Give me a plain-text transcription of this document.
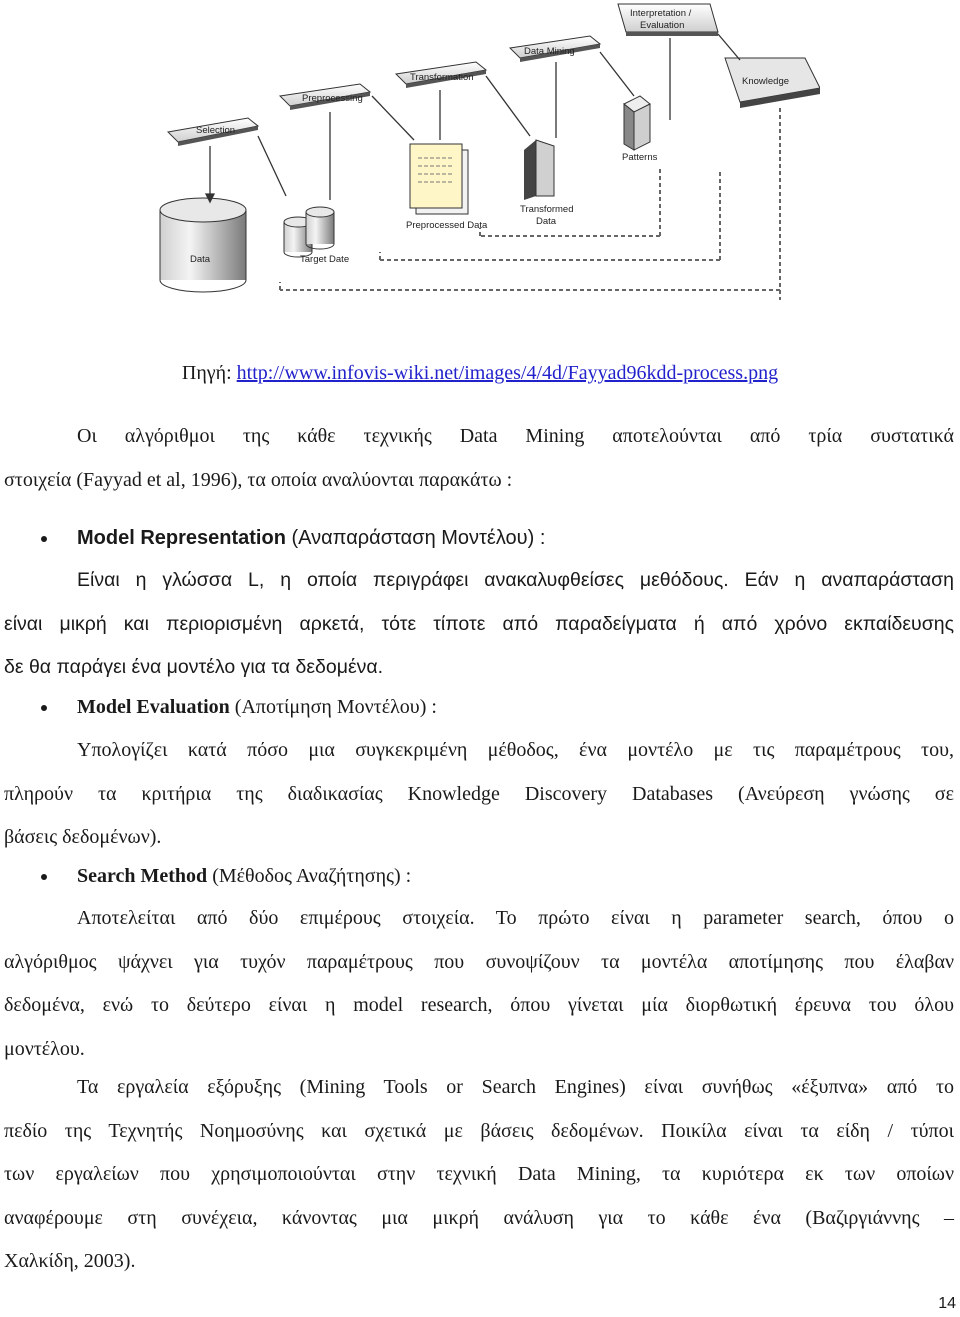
Selection
Preprocessing
Transformation
Data Mining
Interpretation /
Evaluation
Knowledge
Data	Target Date
Preprocessed Data
Transformed
Data
Patterns
Πηγή: http://www.infovis-wiki.net/images/4/4d/Fayyad96kdd-process.png
Οι αλγόριθμοι της κάθε τεχνικής Data Mining αποτελούνται από τρία συστατικά
στοιχεία (Fayyad et al, 1996), τα οποία αναλύονται παρακάτω :
Model Representation (Αναπαράσταση Μοντέλου) :
Είναι η γλώσσα L, η οποία περιγράφει ανακαλυφθείσες μεθόδους. Εάν η αναπαράσταση
είναι μικρή και περιορισμένη αρκετά, τότε τίποτε από παραδείγματα ή από χρόνο εκπαίδευσης
δε θα παράγει ένα μοντέλο για τα δεδομένα.
Model Evaluation (Αποτίμηση Μοντέλου) :
Υπολογίζει κατά πόσο μια συγκεκριμένη μέθοδος, ένα μοντέλο με τις παραμέτρους του,
πληρούν τα κριτήρια της διαδικασίας Knowledge Discovery Databases (Ανεύρεση γνώσης σε
βάσεις δεδομένων).
Search Method (Μέθοδος Αναζήτησης) :
Αποτελείται από δύο επιμέρους στοιχεία. Το πρώτο είναι η parameter search, όπου ο
αλγόριθμος ψάχνει για τυχόν παραμέτρους που συνοψίζουν τα μοντέλα αποτίμησης που έλαβαν
δεδομένα, ενώ το δεύτερο είναι η model research, όπου γίνεται μία διορθωτική έρευνα του όλου
μοντέλου.
Τα εργαλεία εξόρυξης (Mining Tools or Search Engines) είναι συνήθως «έξυπνα» από το
πεδίο της Τεχνητής Νοημοσύνης και σχετικά με βάσεις δεδομένων. Ποικίλα είναι τα είδη / τύποι
των εργαλείων που χρησιμοποιούνται στην τεχνική Data Mining, τα κυριότερα εκ των οποίων
αναφέρουμε στη συνέχεια, κάνοντας μια μικρή ανάλυση για το κάθε ένα (Βαζιργιάννης –
Χαλκίδη, 2003).
14
